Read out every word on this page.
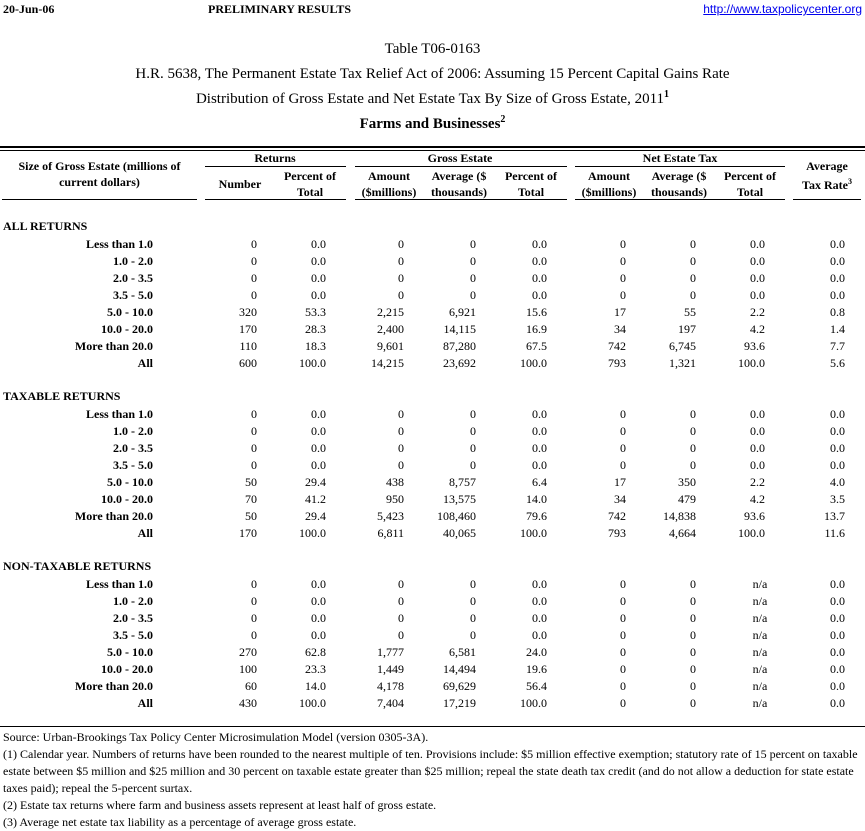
20-Jun-06	PRELIMINARY RESULTS	http://www.taxpolicycenter.org
Table T06-0163
H.R. 5638, The Permanent Estate Tax Relief Act of 2006: Assuming 15 Percent Capital Gains Rate
Distribution of Gross Estate and Net Estate Tax By Size of Gross Estate, 2011$^1$
Farms and Businesses$^2$
Size of Gross Estate (millions of
current dollars)
Returns	Gross Estate	Net Estate Tax
Number
Percent of
Total
Amount
($millions)
Average ($
thousands)
Percent of
Total
Amount
($millions)
Average ($
thousands)
Percent of
Total
Average
Tax Rate$^3$
ALL RETURNS
Less than 1.0	0	0.0	0	0	0.0	0	0	0.0	0.0
1.0 - 2.0	0	0.0	0	0	0.0	0	0	0.0	0.0
2.0 - 3.5	0	0.0	0	0	0.0	0	0	0.0	0.0
3.5 - 5.0	0	0.0	0	0	0.0	0	0	0.0	0.0
5.0 - 10.0	320	53.3	2,215	6,921	15.6	17	55	2.2	0.8
10.0 - 20.0	170	28.3	2,400	14,115	16.9	34	197	4.2	1.4
More than 20.0	110	18.3	9,601	87,280	67.5	742	6,745	93.6	7.7
All	600	100.0	14,215	23,692	100.0	793	1,321	100.0	5.6
TAXABLE RETURNS
Less than 1.0	0	0.0	0	0	0.0	0	0	0.0	0.0
1.0 - 2.0	0	0.0	0	0	0.0	0	0	0.0	0.0
2.0 - 3.5	0	0.0	0	0	0.0	0	0	0.0	0.0
3.5 - 5.0	0	0.0	0	0	0.0	0	0	0.0	0.0
5.0 - 10.0	50	29.4	438	8,757	6.4	17	350	2.2	4.0
10.0 - 20.0	70	41.2	950	13,575	14.0	34	479	4.2	3.5
More than 20.0	50	29.4	5,423	108,460	79.6	742	14,838	93.6	13.7
All	170	100.0	6,811	40,065	100.0	793	4,664	100.0	11.6
NON-TAXABLE RETURNS
Less than 1.0	0	0.0	0	0	0.0	0	0	n/a	0.0
1.0 - 2.0	0	0.0	0	0	0.0	0	0	n/a	0.0
2.0 - 3.5	0	0.0	0	0	0.0	0	0	n/a	0.0
3.5 - 5.0	0	0.0	0	0	0.0	0	0	n/a	0.0
5.0 - 10.0	270	62.8	1,777	6,581	24.0	0	0	n/a	0.0
10.0 - 20.0	100	23.3	1,449	14,494	19.6	0	0	n/a	0.0
More than 20.0	60	14.0	4,178	69,629	56.4	0	0	n/a	0.0
All	430	100.0	7,404	17,219	100.0	0	0	n/a	0.0
Source: Urban-Brookings Tax Policy Center Microsimulation Model (version 0305-3A).
(1) Calendar year. Numbers of returns have been rounded to the nearest multiple of ten. Provisions include: $5 million effective exemption; statutory rate of 15 percent on taxable estate between $5 million and $25 million and 30 percent on taxable estate greater than $25 million; repeal the state death tax credit (and do not allow a deduction for state estate taxes paid); repeal the 5-percent surtax.
(2) Estate tax returns where farm and business assets represent at least half of gross estate.
(3) Average net estate tax liability as a percentage of average gross estate.
